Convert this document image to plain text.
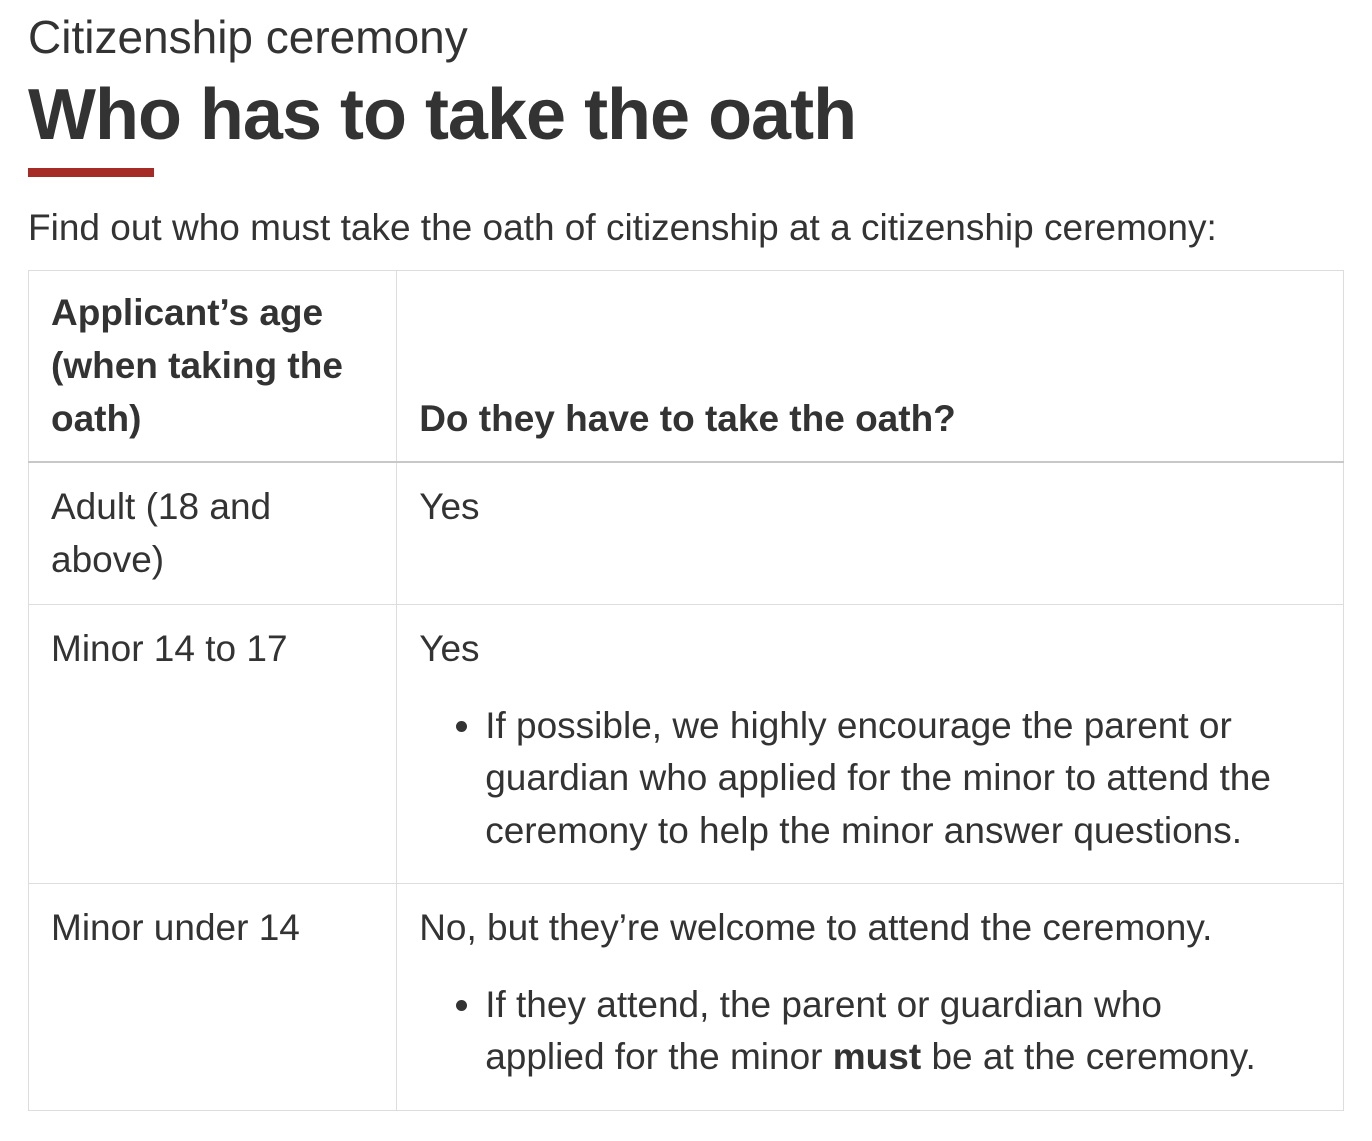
Citizenship ceremony

Who has to take the oath

Find out who must take the oath of citizenship at a citizenship ceremony:

Applicant’s age (when taking the oath)	Do they have to take the oath?
Adult (18 and above)	Yes

Minor 14 to 17	Yes

• If possible, we highly encourage the parent or guardian who applied for the minor to attend the ceremony to help the minor answer questions.

Minor under 14	No, but they’re welcome to attend the ceremony.

• If they attend, the parent or guardian who applied for the minor must be at the ceremony.
